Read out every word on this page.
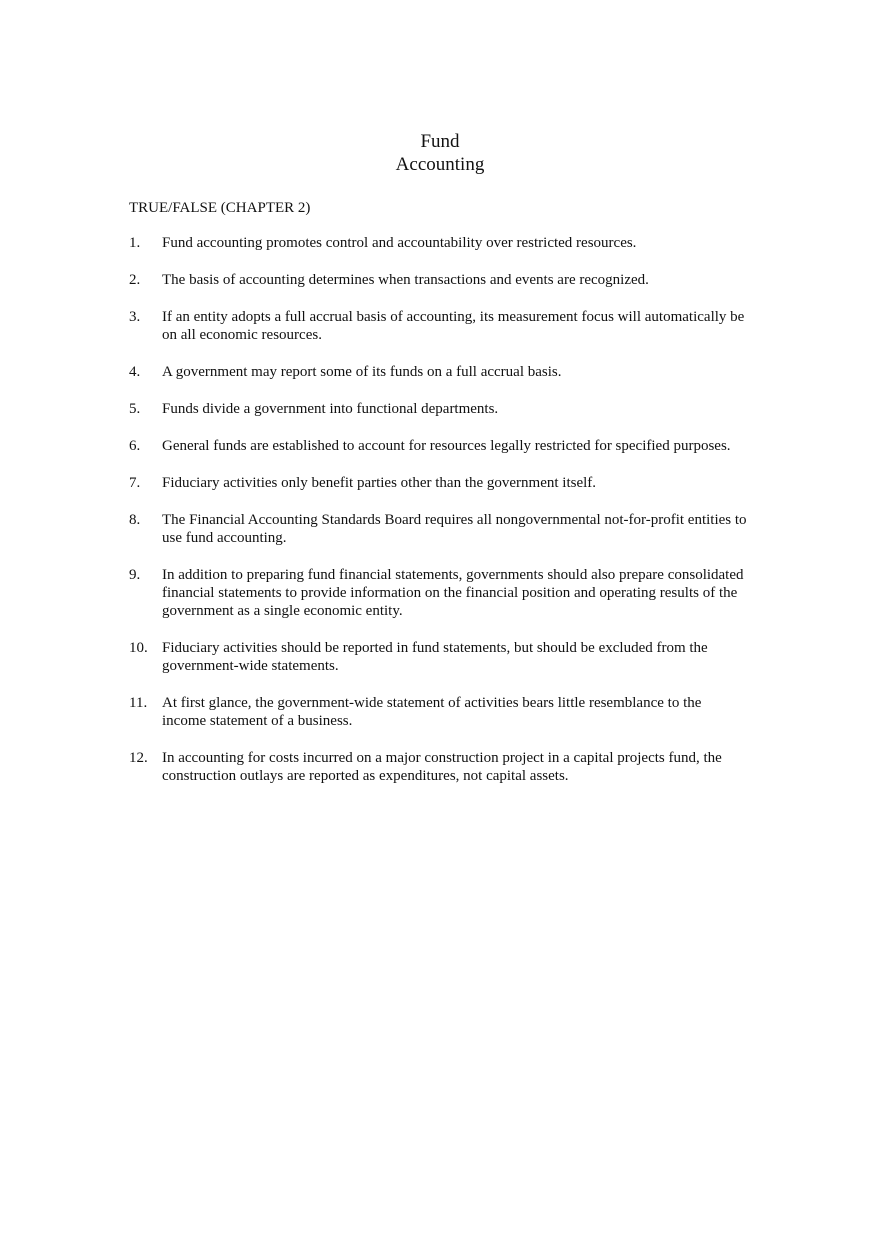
Fund
Accounting
TRUE/FALSE (CHAPTER 2)
1. Fund accounting promotes control and accountability over restricted resources.
2. The basis of accounting determines when transactions and events are recognized.
3. If an entity adopts a full accrual basis of accounting, its measurement focus will automatically be on all economic resources.
4. A government may report some of its funds on a full accrual basis.
5. Funds divide a government into functional departments.
6. General funds are established to account for resources legally restricted for specified purposes.
7. Fiduciary activities only benefit parties other than the government itself.
8. The Financial Accounting Standards Board requires all nongovernmental not-for-profit entities to use fund accounting.
9. In addition to preparing fund financial statements, governments should also prepare consolidated financial statements to provide information on the financial position and operating results of the government as a single economic entity.
10. Fiduciary activities should be reported in fund statements, but should be excluded from the government-wide statements.
11. At first glance, the government-wide statement of activities bears little resemblance to the income statement of a business.
12. In accounting for costs incurred on a major construction project in a capital projects fund, the construction outlays are reported as expenditures, not capital assets.
